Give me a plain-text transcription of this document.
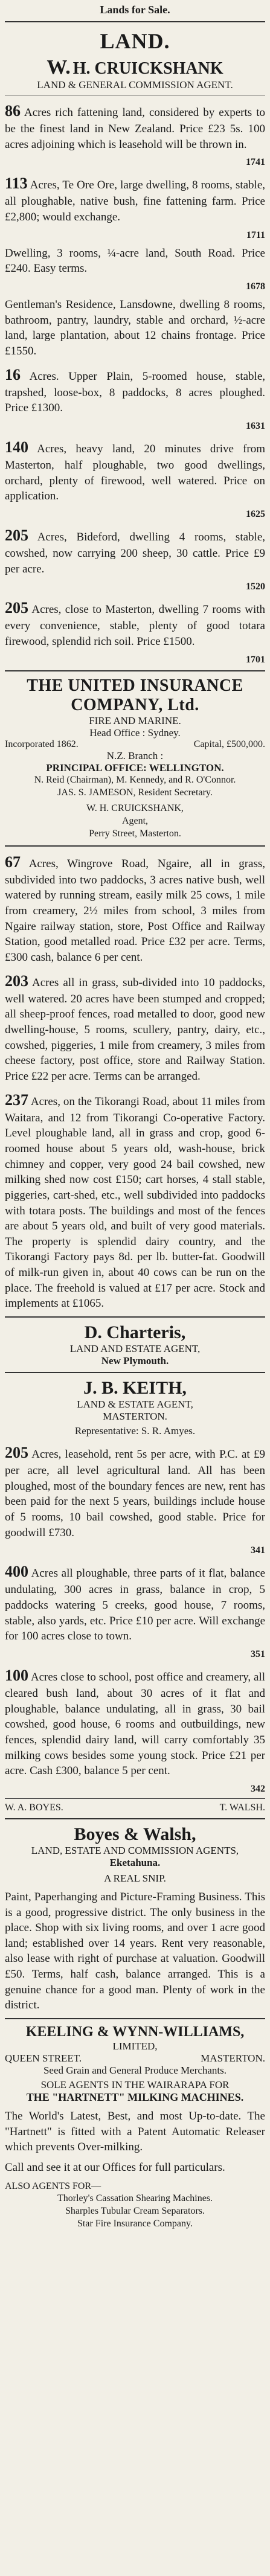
Lands for Sale.
LAND.
W. H. CRUICKSHANK
LAND & GENERAL COMMISSION AGENT.
86 Acres rich fattening land, considered by experts to be the finest land in New Zealand. Price £23 5s. 100 acres adjoining which is leasehold will be thrown in.
1741
113 Acres, Te Ore Ore, large dwelling, 8 rooms, stable, all ploughable, native bush, fine fattening farm. Price £2,800; would exchange.
1711
Dwelling, 3 rooms, ¼-acre land, South Road. Price £240. Easy terms.
1678
Gentleman's Residence, Lansdowne, dwelling 8 rooms, bathroom, pantry, laundry, stable and orchard, ½-acre land, large plantation, about 12 chains frontage. Price £1550.
16 Acres. Upper Plain, 5-roomed house, stable, trapshed, loose-box, 8 paddocks, 8 acres ploughed. Price £1300.
1631
140 Acres, heavy land, 20 minutes drive from Masterton, half ploughable, two good dwellings, orchard, plenty of firewood, well watered. Price on application.
1625
205 Acres, Bideford, dwelling 4 rooms, stable, cowshed, now carrying 200 sheep, 30 cattle. Price £9 per acre.
1520
205 Acres, close to Masterton, dwelling 7 rooms with every convenience, stable, plenty of good totara firewood, splendid rich soil. Price £1500.
1701
THE UNITED INSURANCE COMPANY, Ltd.
FIRE AND MARINE.
Head Office : Sydney.
Incorporated 1862.	Capital, £500,000.
N.Z. Branch :
PRINCIPAL OFFICE: WELLINGTON.
N. Reid (Chairman), M. Kennedy, and R. O'Connor.
JAS. S. JAMESON, Resident Secretary.
W. H. CRUICKSHANK,
Agent,
Perry Street, Masterton.
67 Acres, Wingrove Road, Ngaire, all in grass, subdivided into two paddocks, 3 acres native bush, well watered by running stream, easily milk 25 cows, 1 mile from creamery, 2½ miles from school, 3 miles from Ngaire railway station, store, Post Office and Railway Station, good metalled road. Price £32 per acre. Terms, £300 cash, balance 6 per cent.
203 Acres all in grass, sub-divided into 10 paddocks, well watered. 20 acres have been stumped and cropped; all sheep-proof fences, road metalled to door, good new dwelling-house, 5 rooms, scullery, pantry, dairy, etc., cowshed, piggeries, 1 mile from creamery, 3 miles from cheese factory, post office, store and Railway Station. Price £22 per acre. Terms can be arranged.
237 Acres, on the Tikorangi Road, about 11 miles from Waitara, and 12 from Tikorangi Co-operative Factory. Level ploughable land, all in grass and crop, good 6-roomed house about 5 years old, wash-house, brick chimney and copper, very good 24 bail cowshed, new milking shed now cost £150; cart horses, 4 stall stable, piggeries, cart-shed, etc., well subdivided into paddocks with totara posts. The buildings and most of the fences are about 5 years old, and built of very good materials. The property is splendid dairy country, and the Tikorangi Factory pays 8d. per lb. butter-fat. Goodwill of milk-run given in, about 40 cows can be run on the place. The freehold is valued at £17 per acre. Stock and implements at £1065.
D. Charteris,
LAND AND ESTATE AGENT,
New Plymouth.
J. B. KEITH,
LAND & ESTATE AGENT,
MASTERTON.
Representative: S. R. Amyes.
205 Acres, leasehold, rent 5s per acre, with P.C. at £9 per acre, all level agricultural land. All has been ploughed, most of the boundary fences are new, rent has been paid for the next 5 years, buildings include house of 5 rooms, 10 bail cowshed, good stable. Price for goodwill £730.
341
400 Acres all ploughable, three parts of it flat, balance undulating, 300 acres in grass, balance in crop, 5 paddocks watering 5 creeks, good house, 7 rooms, stable, also yards, etc. Price £10 per acre. Will exchange for 100 acres close to town.
351
100 Acres close to school, post office and creamery, all cleared bush land, about 30 acres of it flat and ploughable, balance undulating, all in grass, 30 bail cowshed, good house, 6 rooms and outbuildings, new fences, splendid dairy land, will carry comfortably 35 milking cows besides some young stock. Price £21 per acre. Cash £300, balance 5 per cent.
342
W. A. BOYES.	T. WALSH.
Boyes & Walsh,
LAND, ESTATE AND COMMISSION AGENTS,
Eketahuna.
A REAL SNIP.
Paint, Paperhanging and Picture-Framing Business. This is a good, progressive district. The only business in the place. Shop with six living rooms, and over 1 acre good land; established over 14 years. Rent very reasonable, also lease with right of purchase at valuation. Goodwill £50. Terms, half cash, balance arranged. This is a genuine chance for a good man. Plenty of work in the district.
KEELING & WYNN-WILLIAMS,
LIMITED,
QUEEN STREET.	MASTERTON.
Seed Grain and General Produce Merchants.
SOLE AGENTS IN THE WAIRARAPA FOR
THE "HARTNETT" MILKING MACHINES.
The World's Latest, Best, and most Up-to-date. The "Hartnett" is fitted with a Patent Automatic Releaser which prevents Over-milking.
Call and see it at our Offices for full particulars.
ALSO AGENTS FOR—
Thorley's Cassation Shearing Machines.
Sharples Tubular Cream Separators.
Star Fire Insurance Company.
